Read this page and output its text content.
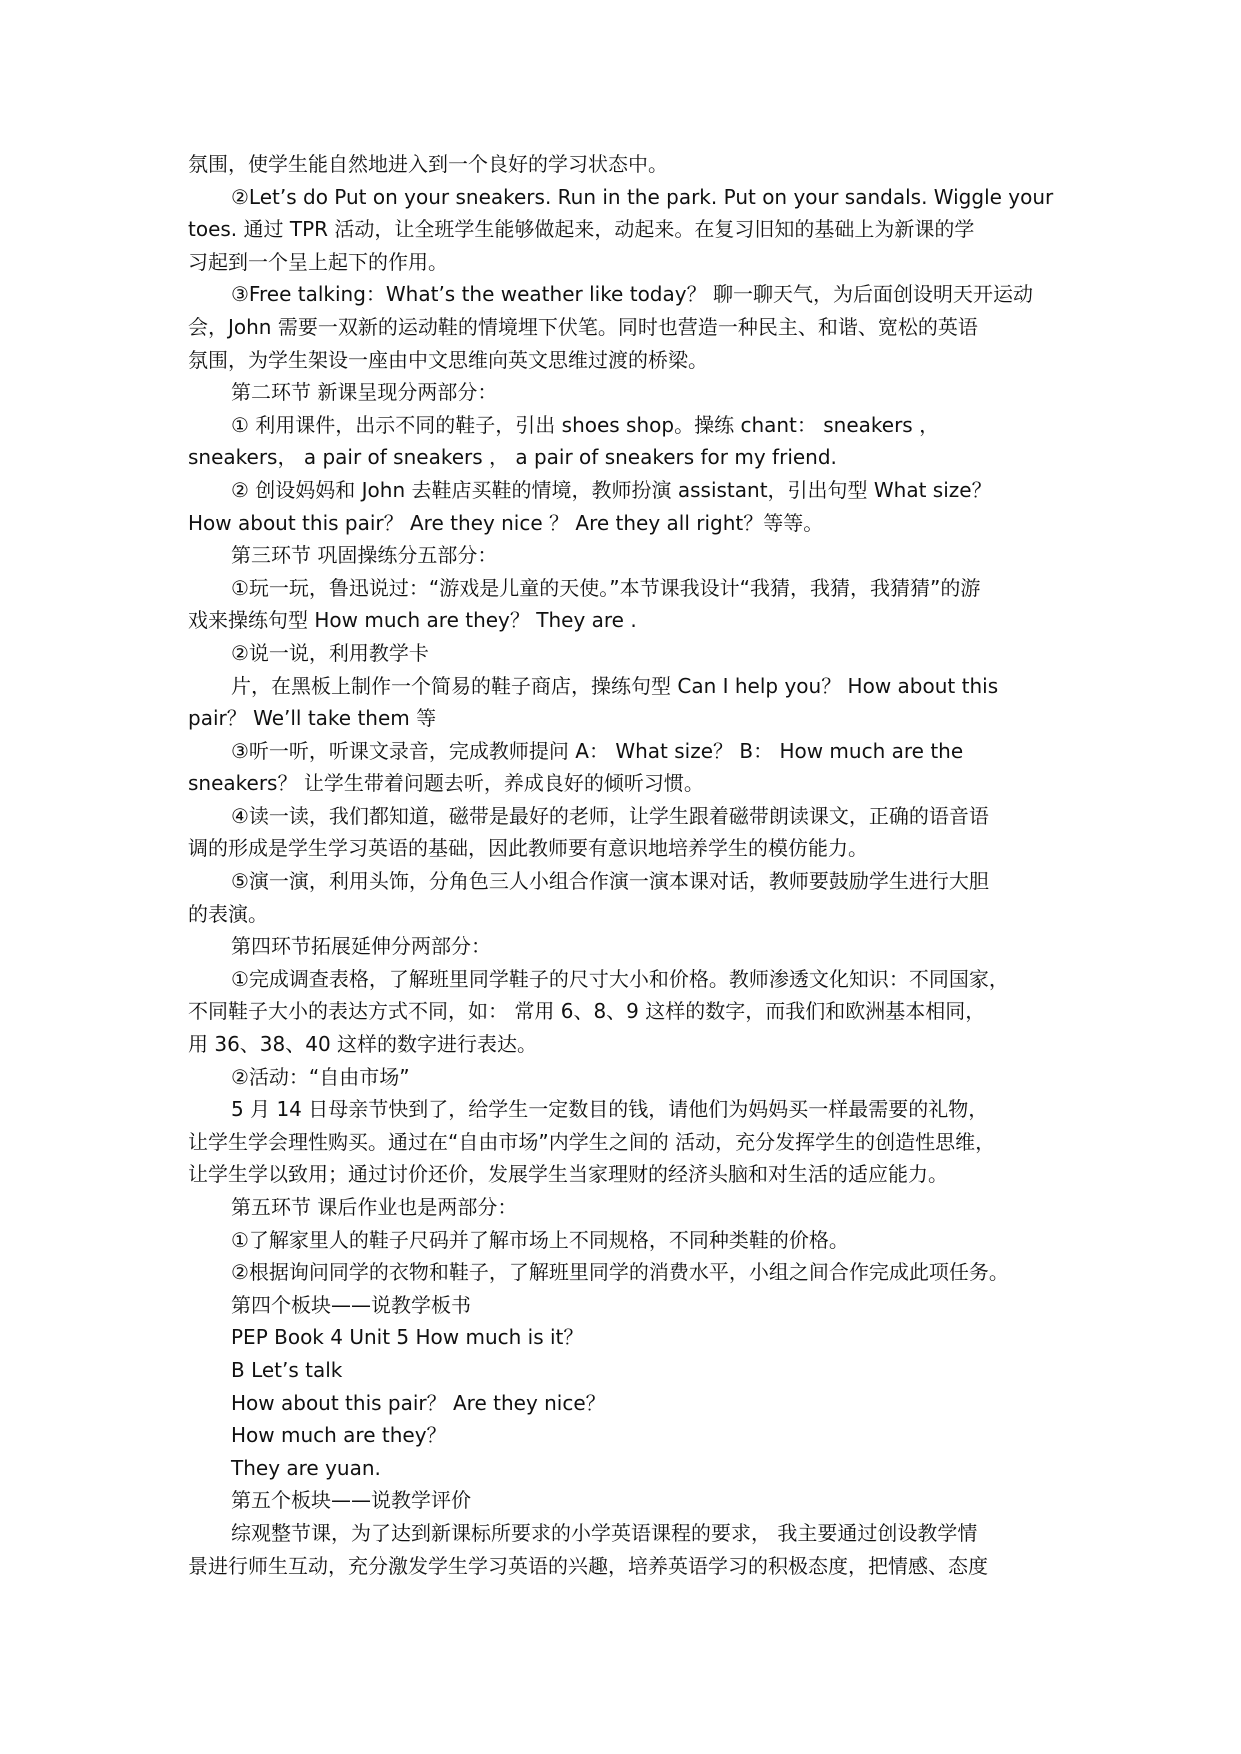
氛围，使学生能自然地进入到一个良好的学习状态中。
②Let’s do Put on your sneakers. Run in the park. Put on your sandals. Wiggle your
toes. 通过 TPR 活动，让全班学生能够做起来，动起来。在复习旧知的基础上为新课的学
习起到一个呈上起下的作用。
③Free talking：What’s the weather like today？ 聊一聊天气，为后面创设明天开运动
会，John 需要一双新的运动鞋的情境埋下伏笔。同时也营造一种民主、和谐、宽松的英语
氛围，为学生架设一座由中文思维向英文思维过渡的桥梁。
第二环节 新课呈现分两部分：
① 利用课件，出示不同的鞋子，引出 shoes shop。操练 chant： sneakers ，
sneakers， a pair of sneakers ， a pair of sneakers for my friend.
② 创设妈妈和 John 去鞋店买鞋的情境，教师扮演 assistant，引出句型 What size？
How about this pair？ Are they nice ？ Are they all right？等等。
第三环节 巩固操练分五部分：
①玩一玩，鲁迅说过：“游戏是儿童的天使。”本节课我设计“我猜，我猜，我猜猜”的游
戏来操练句型 How much are they？ They are .
②说一说，利用教学卡
片，在黑板上制作一个简易的鞋子商店，操练句型 Can I help you？ How about this
pair？ We’ll take them 等
③听一听，听课文录音，完成教师提问 A： What size？ B： How much are the
sneakers？ 让学生带着问题去听，养成良好的倾听习惯。
④读一读，我们都知道，磁带是最好的老师，让学生跟着磁带朗读课文，正确的语音语
调的形成是学生学习英语的基础，因此教师要有意识地培养学生的模仿能力。
⑤演一演，利用头饰，分角色三人小组合作演一演本课对话，教师要鼓励学生进行大胆
的表演。
第四环节拓展延伸分两部分：
①完成调查表格，了解班里同学鞋子的尺寸大小和价格。教师渗透文化知识：不同国家，
不同鞋子大小的表达方式不同，如： 常用 6、8、9 这样的数字，而我们和欧洲基本相同，
用 36、38、40 这样的数字进行表达。
②活动：“自由市场”
5 月 14 日母亲节快到了，给学生一定数目的钱，请他们为妈妈买一样最需要的礼物，
让学生学会理性购买。通过在“自由市场”内学生之间的 活动，充分发挥学生的创造性思维，
让学生学以致用；通过讨价还价，发展学生当家理财的经济头脑和对生活的适应能力。
第五环节 课后作业也是两部分：
①了解家里人的鞋子尺码并了解市场上不同规格，不同种类鞋的价格。
②根据询问同学的衣物和鞋子，了解班里同学的消费水平，小组之间合作完成此项任务。
第四个板块——说教学板书
PEP Book 4 Unit 5 How much is it？
B Let’s talk
How about this pair？ Are they nice？
How much are they？
They are yuan.
第五个板块——说教学评价
综观整节课，为了达到新课标所要求的小学英语课程的要求， 我主要通过创设教学情
景进行师生互动，充分激发学生学习英语的兴趣，培养英语学习的积极态度，把情感、态度
